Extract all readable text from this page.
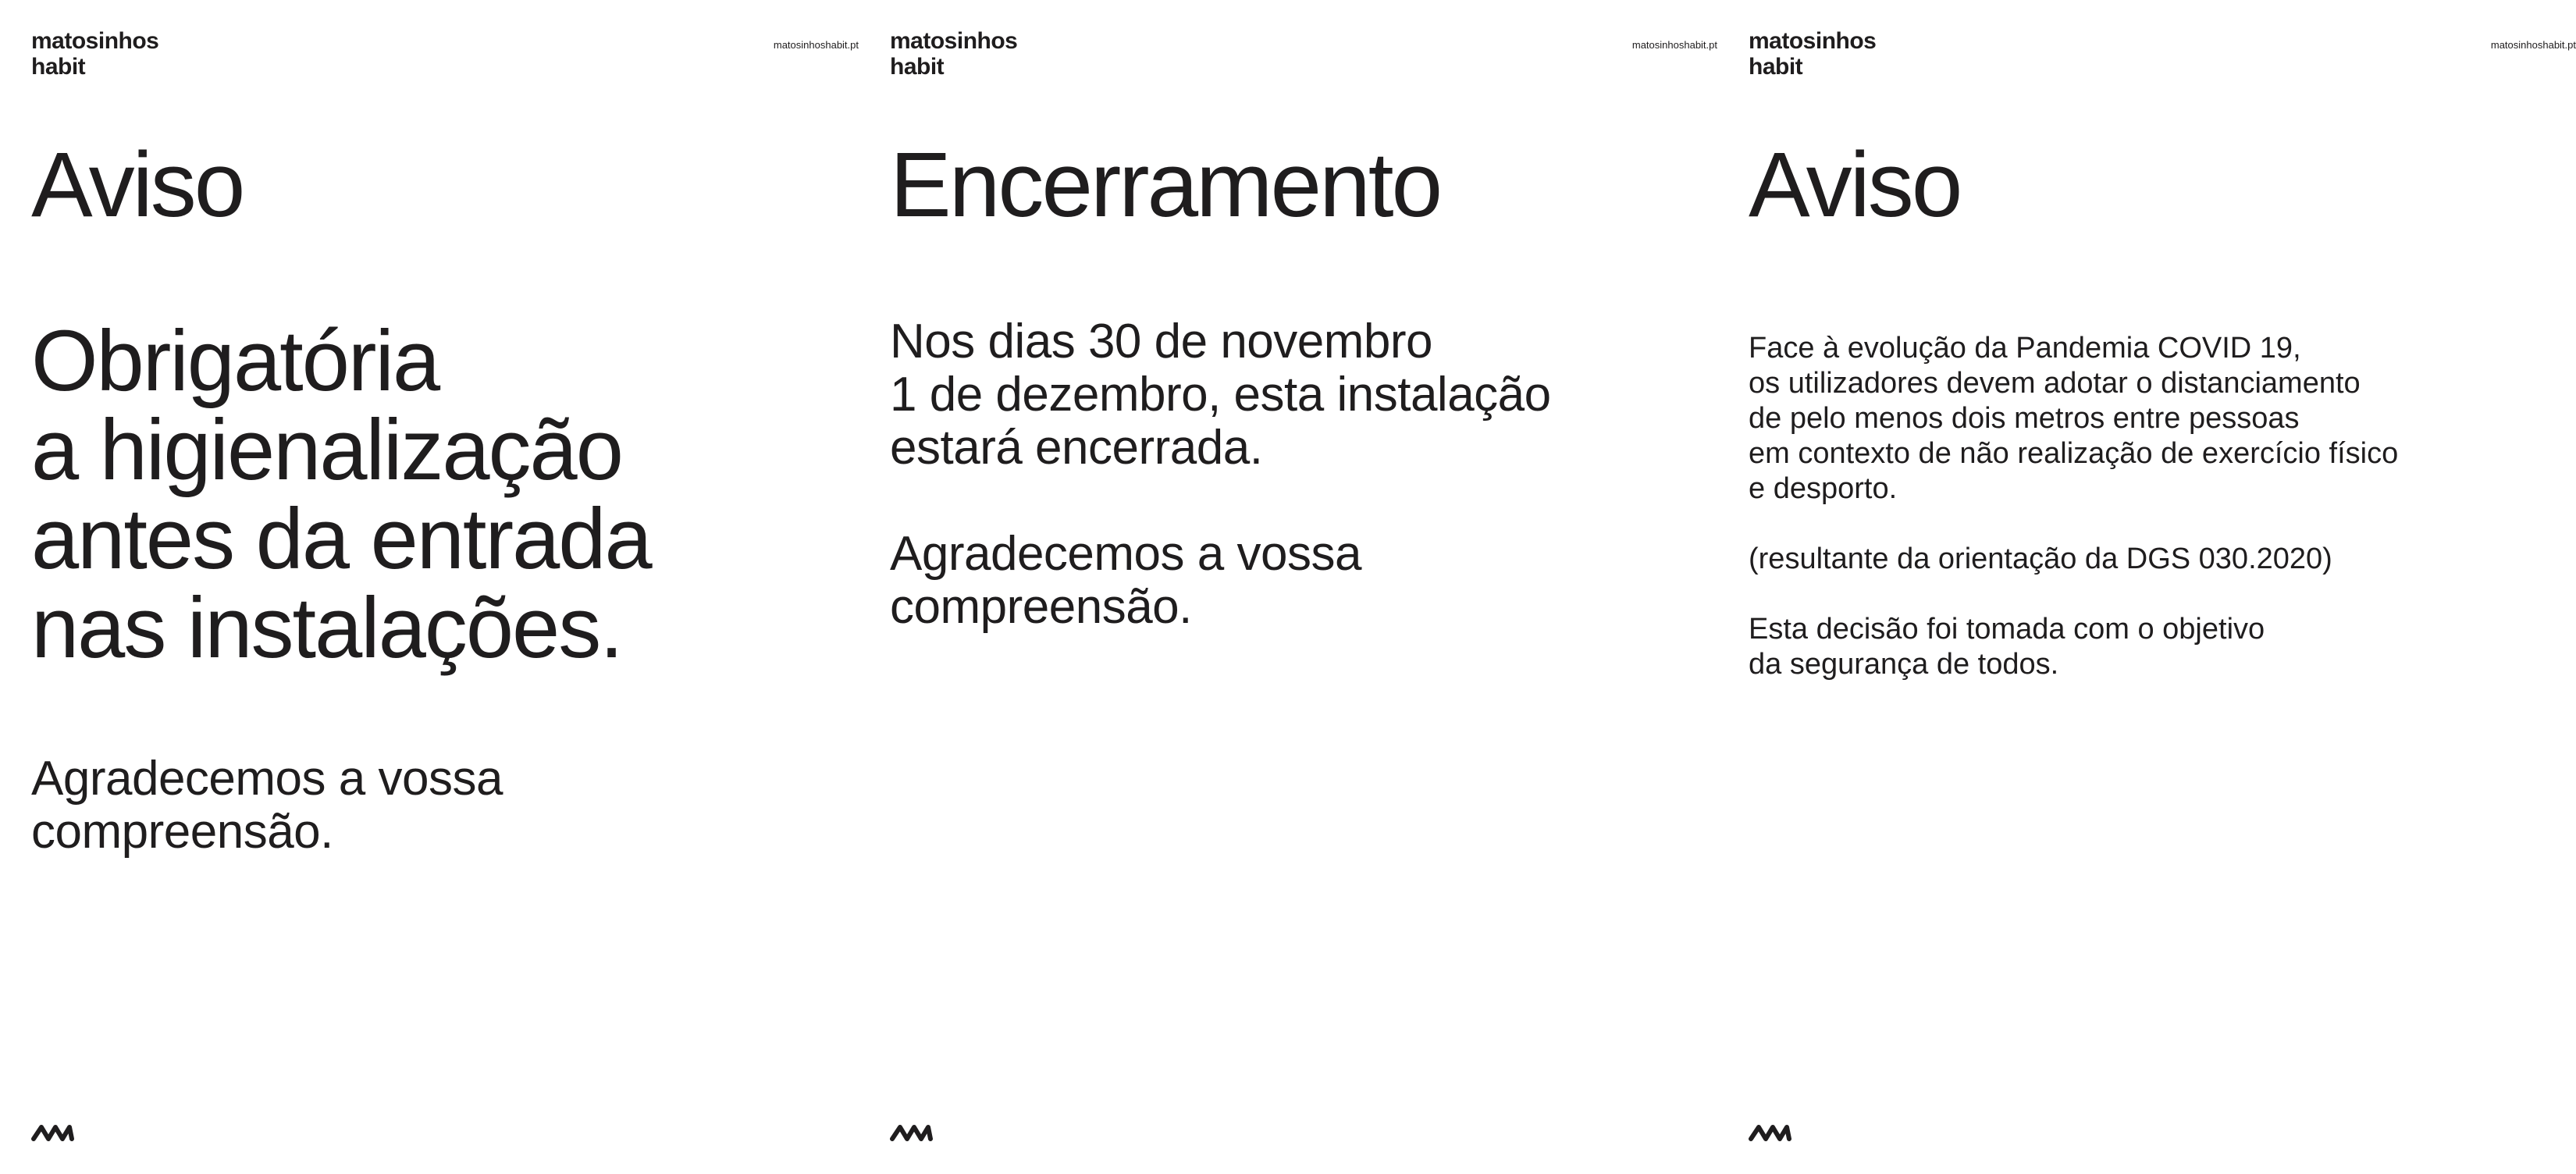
matosinhos
habit
matosinhoshabit.pt
Aviso

Obrigatória
a higienalização
antes da entrada
nas instalações.

Agradecemos a vossa
compreensão.

matosinhos
habit
matosinhoshabit.pt
Encerramento

Nos dias 30 de novembro
1 de dezembro, esta instalação
estará encerrada.

Agradecemos a vossa
compreensão.

matosinhos
habit
matosinhoshabit.pt
Aviso

Face à evolução da Pandemia COVID 19,
os utilizadores devem adotar o distanciamento
de pelo menos dois metros entre pessoas
em contexto de não realização de exercício físico
e desporto.

(resultante da orientação da DGS 030.2020)

Esta decisão foi tomada com o objetivo
da segurança de todos.
